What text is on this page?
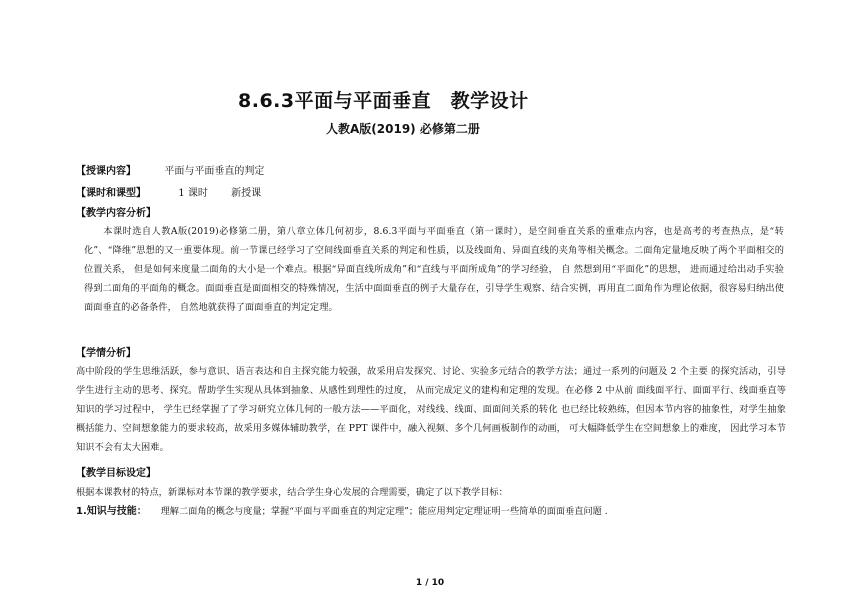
8.6.3平面与平面垂直　教学设计
人教A版(2019) 必修第二册
【授课内容】	平面与平面垂直的判定
【课时和课型】	1 课时　　 新授课
【教学内容分析】
　　本课时选自人教A版(2019)必修第二册，第八章立体几何初步，8.6.3平面与平面垂直（第一课时），是空间垂直关系的重难点内容，也是高考的考查热点，是“转 化”、“降维”思想的又一重要体现。前一节课已经学习了空间线面垂直关系的判定和性质，以及线面角、异面直线的夹角等相关概念。二面角定量地反映了两个平面相交的位置关系， 但是如何来度量二面角的大小是一个难点。根据“异面直线所成角”和“直线与平面所成角”的学习经验， 自 然想到用“平面化”的思想， 进而通过给出动手实验得到二面角的平面角的概念。面面垂直是面面相交的特殊情况，生活中面面垂直的例子大量存在，引导学生观察、结合实例，再用直二面角作为理论依据，很容易归纳出使面面垂直的必备条件， 自然地就获得了面面垂直的判定定理。
【学情分析】
高中阶段的学生思维活跃，参与意识、语言表达和自主探究能力较强，故采用启发探究、讨论、实验多元结合的教学方法；通过一系列的问题及 2 个主要 的探究活动，引导学生进行主动的思考、探究。帮助学生实现从具体到抽象、从感性到理性的过度， 从而完成定义的建构和定理的发现。在必修 2 中从前 面线面平行、面面平行、线面垂直等知识的学习过程中， 学生已经掌握了了学习研究立体几何的一般方法——平面化，对线线、线面、面面间关系的转化 也已经比较熟练，但因本节内容的抽象性，对学生抽象概括能力、空间想象能力的要求较高，故采用多媒体辅助教学，在 PPT 课件中，融入视频、多个几何画板制作的动画， 可大幅降低学生在空间想象上的难度， 因此学习本节知识不会有太大困难。
【教学目标设定】
根据本课教材的特点，新课标对本节课的教学要求，结合学生身心发展的合理需要，确定了以下教学目标：
1.知识与技能： 理解二面角的概念与度量；掌握“平面与平面垂直的判定定理”；能应用判定定理证明一些简单的面面垂直问题 .
1 / 10
